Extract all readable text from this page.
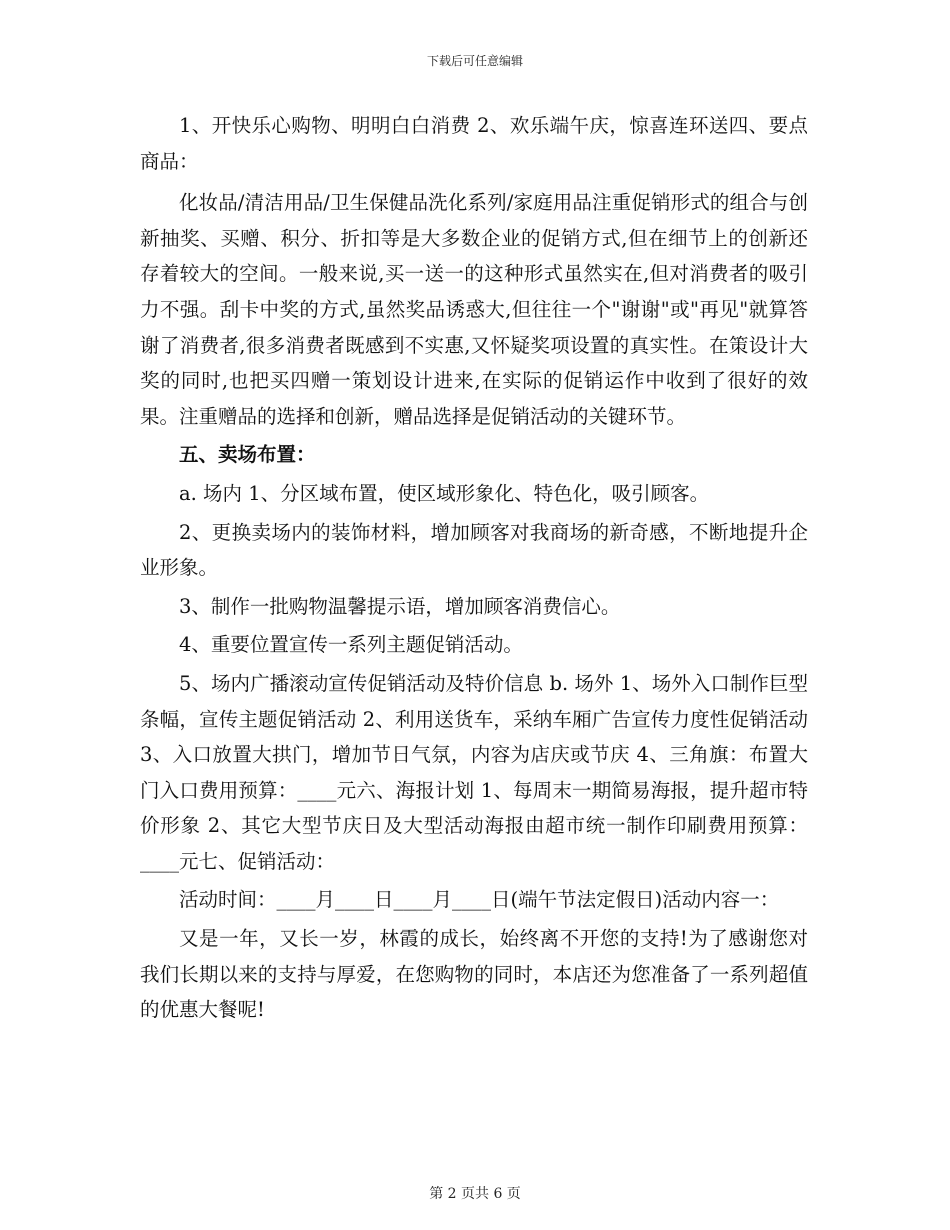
下载后可任意编辑

1、开快乐心购物、明明白白消费 2、欢乐端午庆，惊喜连环送四、要点商品：

化妆品/清洁用品/卫生保健品洗化系列/家庭用品注重促销形式的组合与创新抽奖、买赠、积分、折扣等是大多数企业的促销方式,但在细节上的创新还存着较大的空间。一般来说,买一送一的这种形式虽然实在,但对消费者的吸引力不强。刮卡中奖的方式,虽然奖品诱惑大,但往往一个"谢谢"或"再见"就算答谢了消费者,很多消费者既感到不实惠,又怀疑奖项设置的真实性。在策设计大奖的同时,也把买四赠一策划设计进来,在实际的促销运作中收到了很好的效果。注重赠品的选择和创新，赠品选择是促销活动的关键环节。

五、卖场布置：

a. 场内 1、分区域布置，使区域形象化、特色化，吸引顾客。

2、更换卖场内的装饰材料，增加顾客对我商场的新奇感，不断地提升企业形象。

3、制作一批购物温馨提示语，增加顾客消费信心。

4、重要位置宣传一系列主题促销活动。

5、场内广播滚动宣传促销活动及特价信息 b. 场外 1、场外入口制作巨型条幅，宣传主题促销活动 2、利用送货车，采纳车厢广告宣传力度性促销活动 3、入口放置大拱门，增加节日气氛，内容为店庆或节庆 4、三角旗：布置大门入口费用预算：____元六、海报计划 1、每周末一期简易海报，提升超市特价形象 2、其它大型节庆日及大型活动海报由超市统一制作印刷费用预算：____元七、促销活动：

活动时间：____月____日____月____日(端午节法定假日)活动内容一：

又是一年，又长一岁，林霞的成长，始终离不开您的支持!为了感谢您对我们长期以来的支持与厚爱，在您购物的同时，本店还为您准备了一系列超值的优惠大餐呢!

第 2 页共 6 页
